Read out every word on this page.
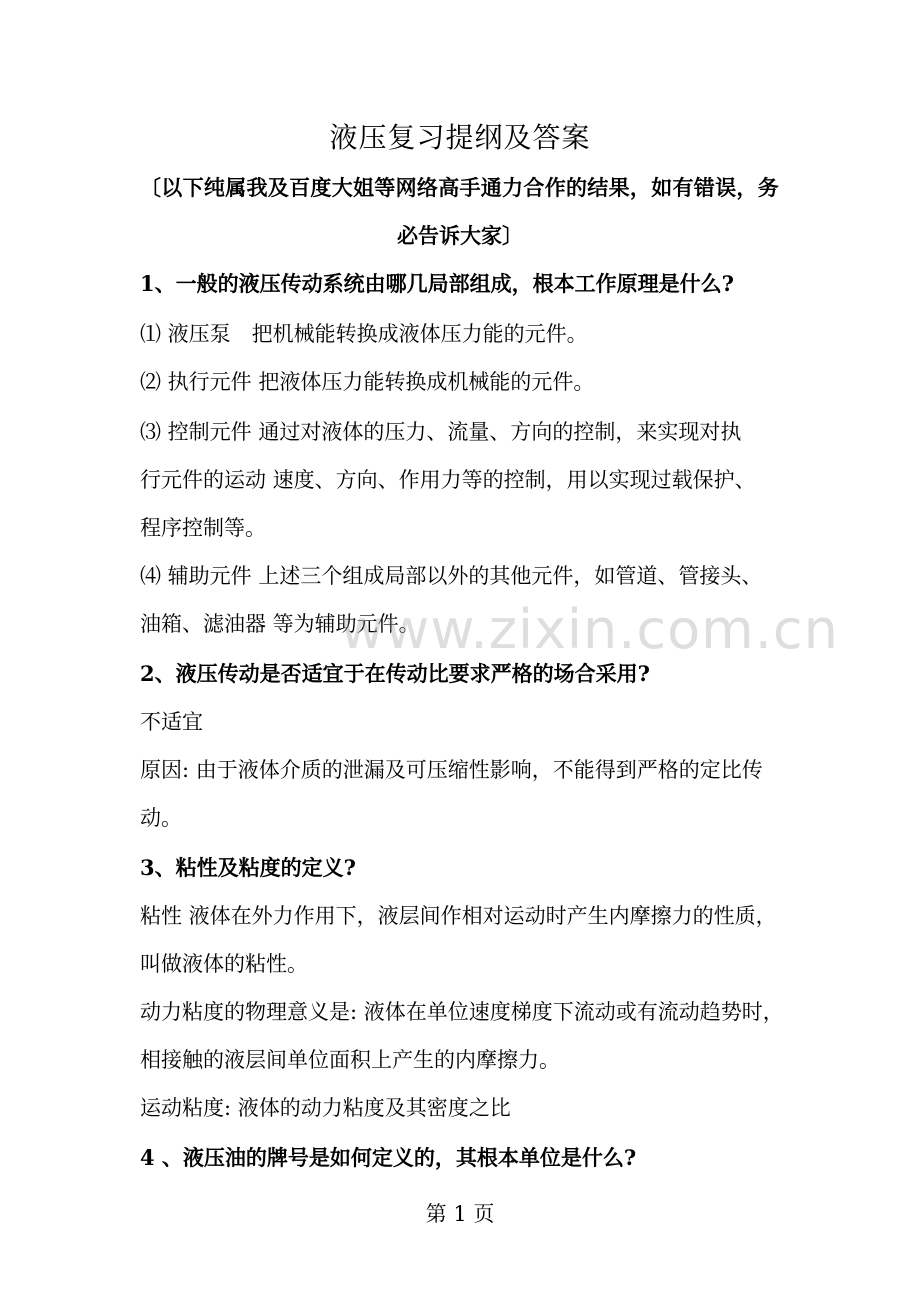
液压复习提纲及答案
〔以下纯属我及百度大姐等网络高手通力合作的结果，如有错误，务
必告诉大家〕
1、一般的液压传动系统由哪几局部组成，根本工作原理是什么?
⑴ 液压泵　把机械能转换成液体压力能的元件。
⑵ 执行元件 把液体压力能转换成机械能的元件。
⑶ 控制元件 通过对液体的压力、流量、方向的控制，来实现对执
行元件的运动 速度、方向、作用力等的控制，用以实现过载保护、
程序控制等。
⑷ 辅助元件 上述三个组成局部以外的其他元件，如管道、管接头、
油箱、滤油器 等为辅助元件。
2、液压传动是否适宜于在传动比要求严格的场合采用?
不适宜
原因: 由于液体介质的泄漏及可压缩性影响，不能得到严格的定比传
动。
3、粘性及粘度的定义?
粘性 液体在外力作用下，液层间作相对运动时产生内摩擦力的性质，
叫做液体的粘性。
动力粘度的物理意义是: 液体在单位速度梯度下流动或有流动趋势时，
相接触的液层间单位面积上产生的内摩擦力。
运动粘度: 液体的动力粘度及其密度之比
4 、液压油的牌号是如何定义的，其根本单位是什么?
www.zixin.com.cn
第 1 页
